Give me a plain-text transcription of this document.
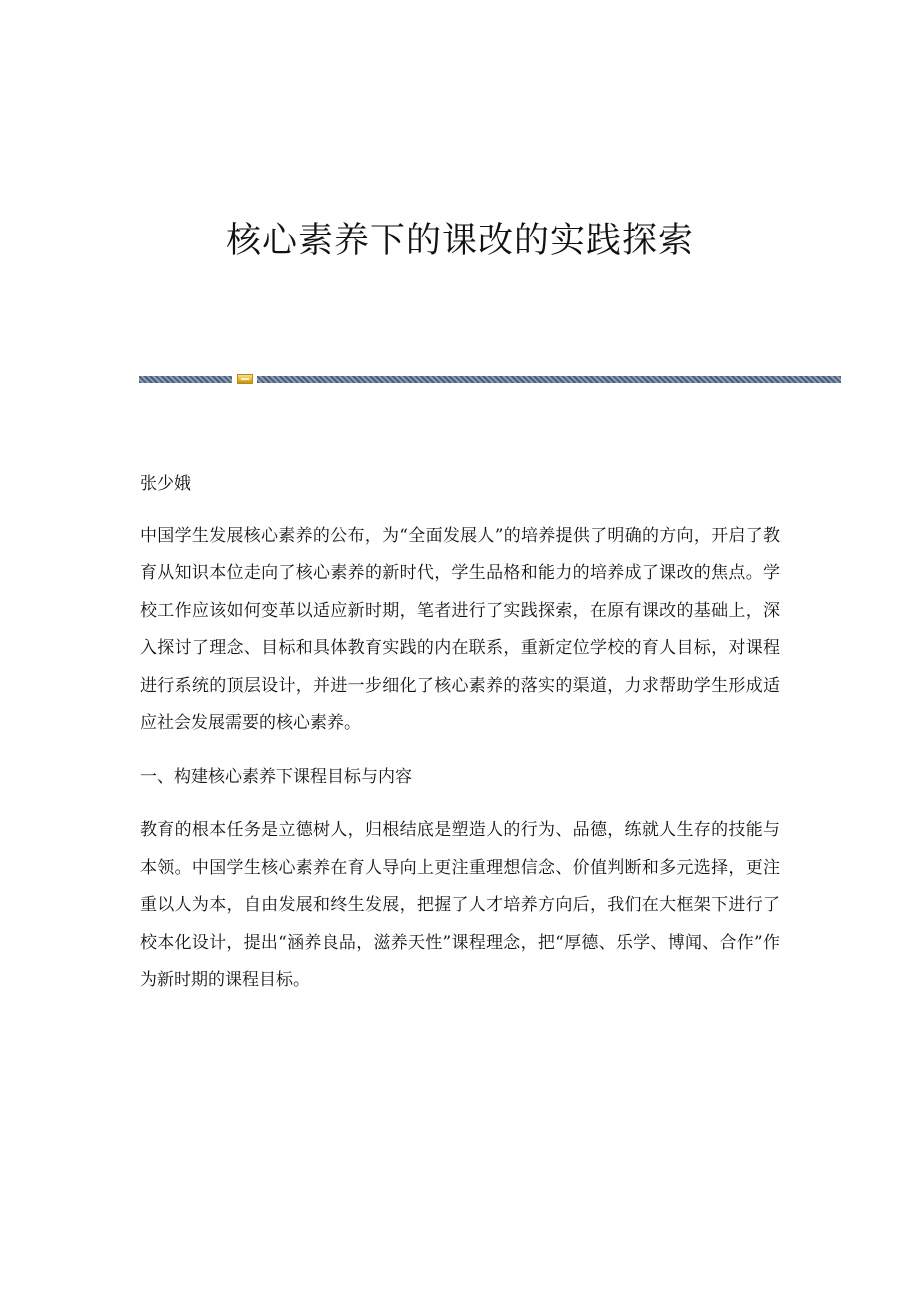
核心素养下的课改的实践探索

张少娥

中国学生发展核心素养的公布，为“全面发展人”的培养提供了明确的方向，开启了教育从知识本位走向了核心素养的新时代，学生品格和能力的培养成了课改的焦点。学校工作应该如何变革以适应新时期，笔者进行了实践探索，在原有课改的基础上，深入探讨了理念、目标和具体教育实践的内在联系，重新定位学校的育人目标，对课程进行系统的顶层设计，并进一步细化了核心素养的落实的渠道，力求帮助学生形成适应社会发展需要的核心素养。

一、构建核心素养下课程目标与内容

教育的根本任务是立德树人，归根结底是塑造人的行为、品德，练就人生存的技能与本领。中国学生核心素养在育人导向上更注重理想信念、价值判断和多元选择，更注重以人为本，自由发展和终生发展，把握了人才培养方向后，我们在大框架下进行了校本化设计，提出“涵养良品，滋养天性”课程理念，把“厚德、乐学、博闻、合作”作为新时期的课程目标。
